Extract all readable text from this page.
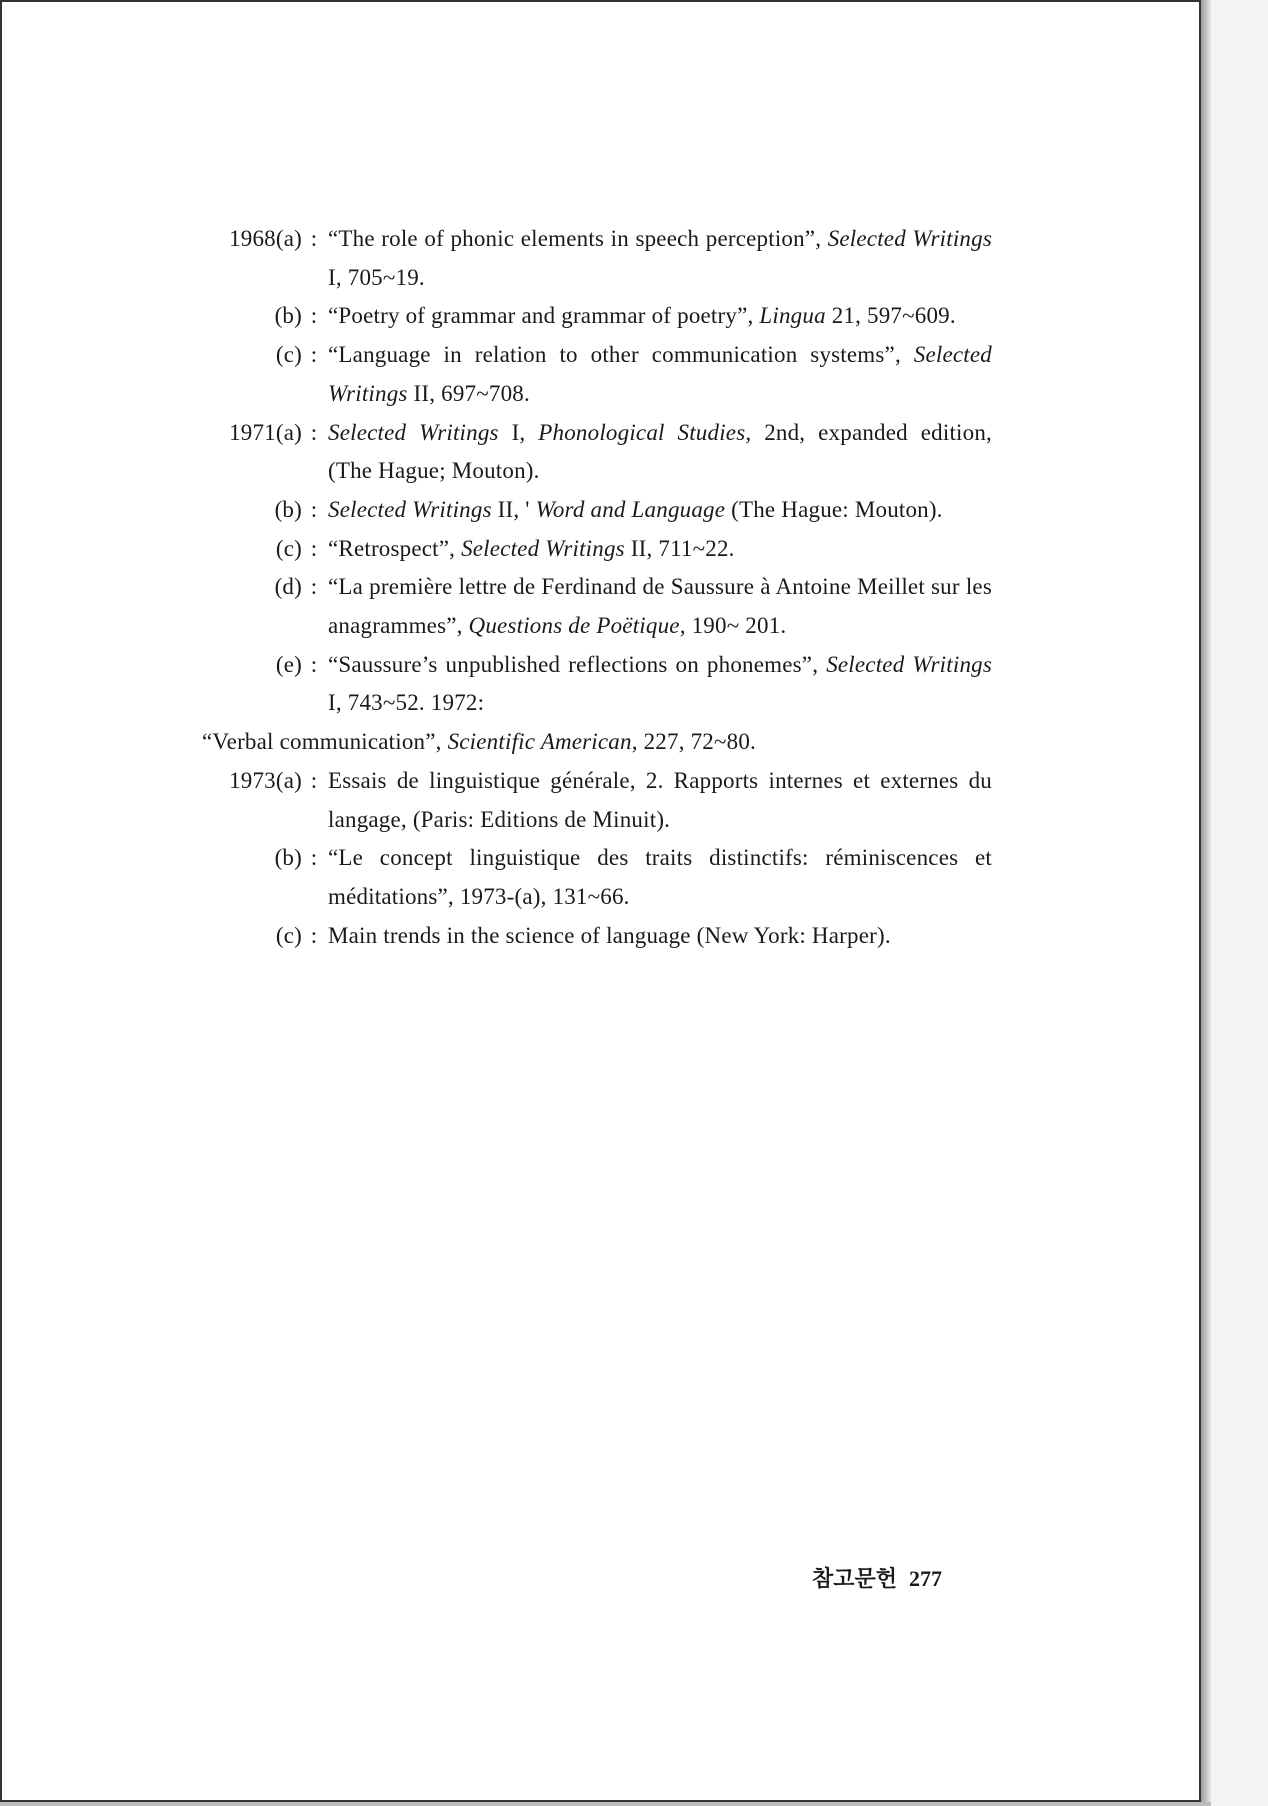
1968(a) : “The role of phonic elements in speech perception”, Selected Writings I, 705~19.
(b) : “Poetry of grammar and grammar of poetry”, Lingua 21, 597~609.
(c) : “Language in relation to other communication systems”, Selected Writings II, 697~708.
1971(a) : Selected Writings I, Phonological Studies, 2nd, expanded edition, (The Hague; Mouton).
(b) : Selected Writings II, ' Word and Language (The Hague: Mouton).
(c) : “Retrospect”, Selected Writings II, 711~22.
(d) : “La première lettre de Ferdinand de Saussure à Antoine Meillet sur les anagrammes”, Questions de Poëtique, 190~ 201.
(e) : “Saussure’s unpublished reflections on phonemes”, Selected Writings I, 743~52. 1972:
“Verbal communication”, Scientific American, 227, 72~80.
1973(a) : Essais de linguistique générale, 2. Rapports internes et externes du langage, (Paris: Editions de Minuit).
(b) : “Le concept linguistique des traits distinctifs: réminiscences et méditations”, 1973-(a), 131~66.
(c) : Main trends in the science of language (New York: Harper).
참고문헌 277
